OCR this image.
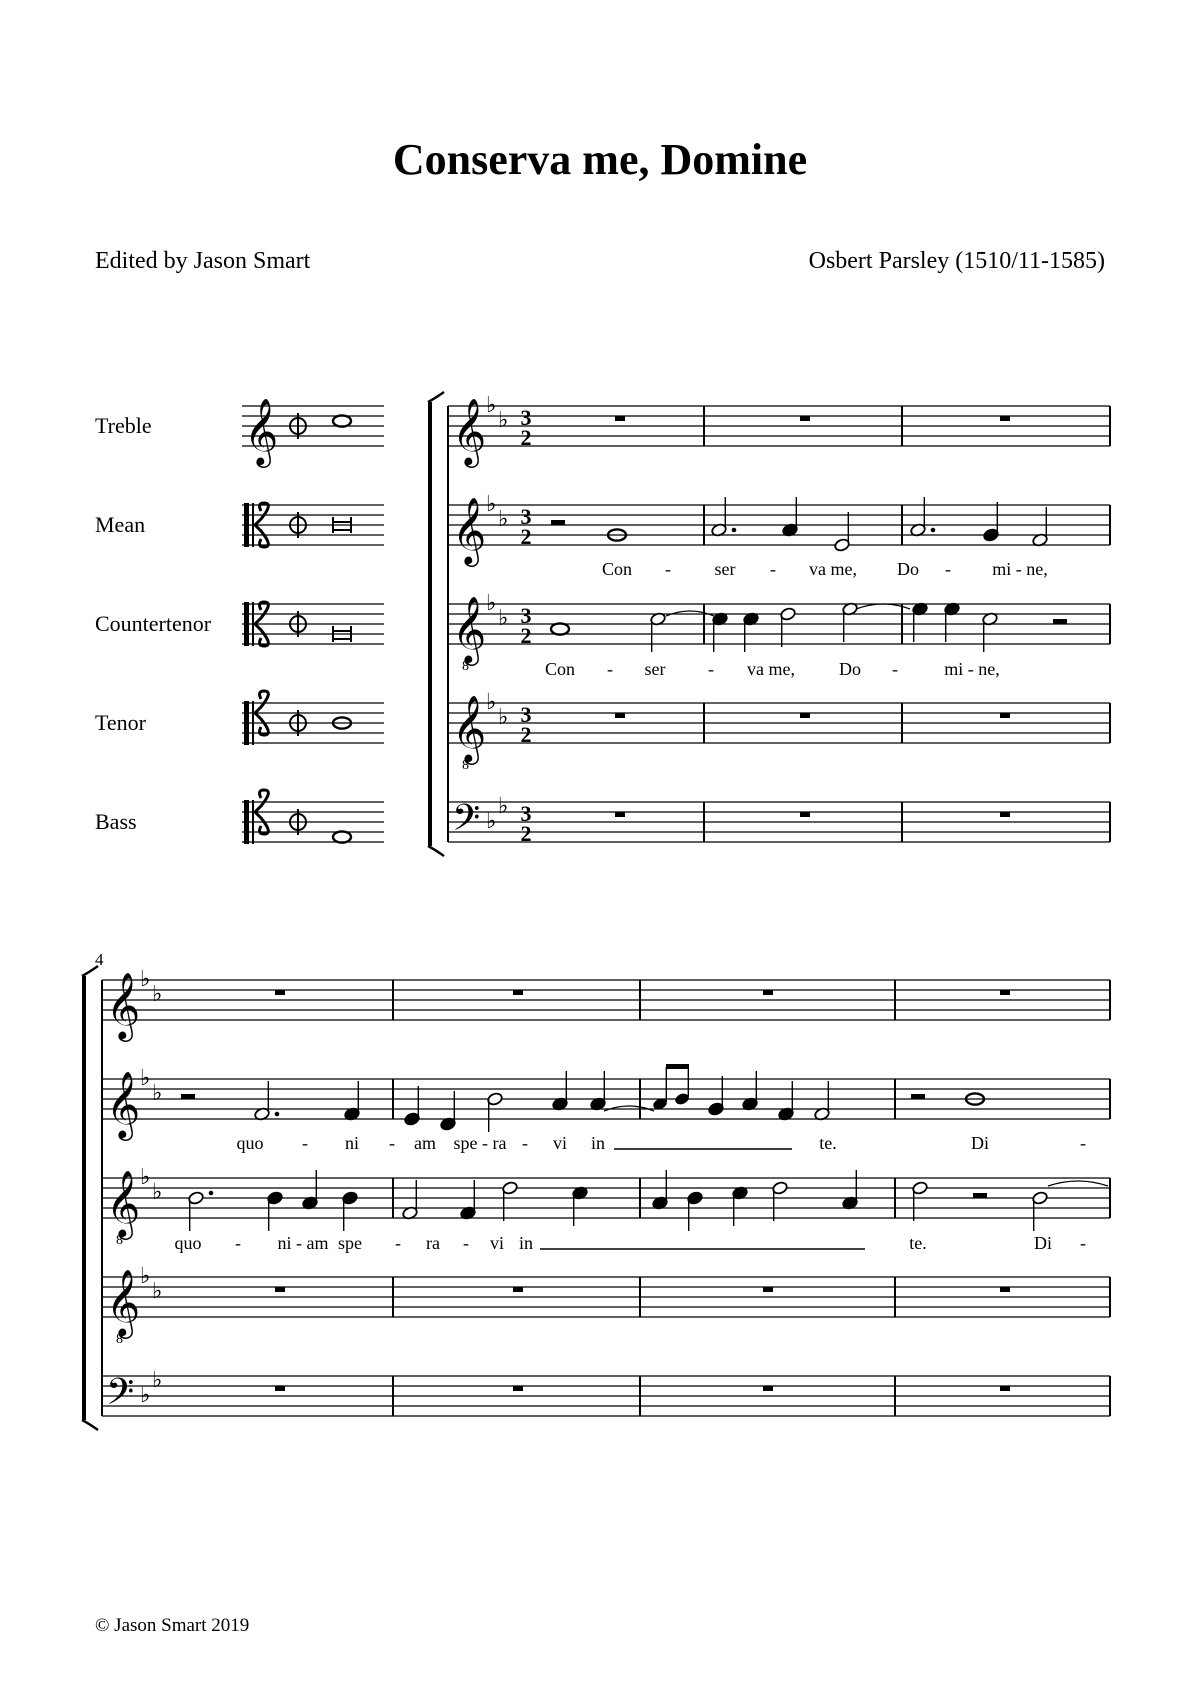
Conserva me, Domine
Edited by Jason Smart	Osbert Parsley (1510/11-1585)
© Jason Smart 2019
Treble 𝄞
Mean
Countertenor
Tenor
Bass
𝄞 ♭
♭ 3
2
𝄞 ♭
♭ 3
2
𝄞
8
♭
♭ 3
2
𝄞
8
♭
♭ 3
2
𝄢 ♭
♭ 3
2
Con - ser - va me, Do - mi - ne,
Con - ser - va me, Do -	mi - ne,
4
𝄞 ♭
♭
𝄞 ♭
♭
𝄞
8
♭
♭
𝄞
8
♭
♭
𝄢 ♭
♭
quo - ni - am spe - ra - vi in	te.	Di	-
quo - ni - am spe - ra - vi in	te.	Di -
